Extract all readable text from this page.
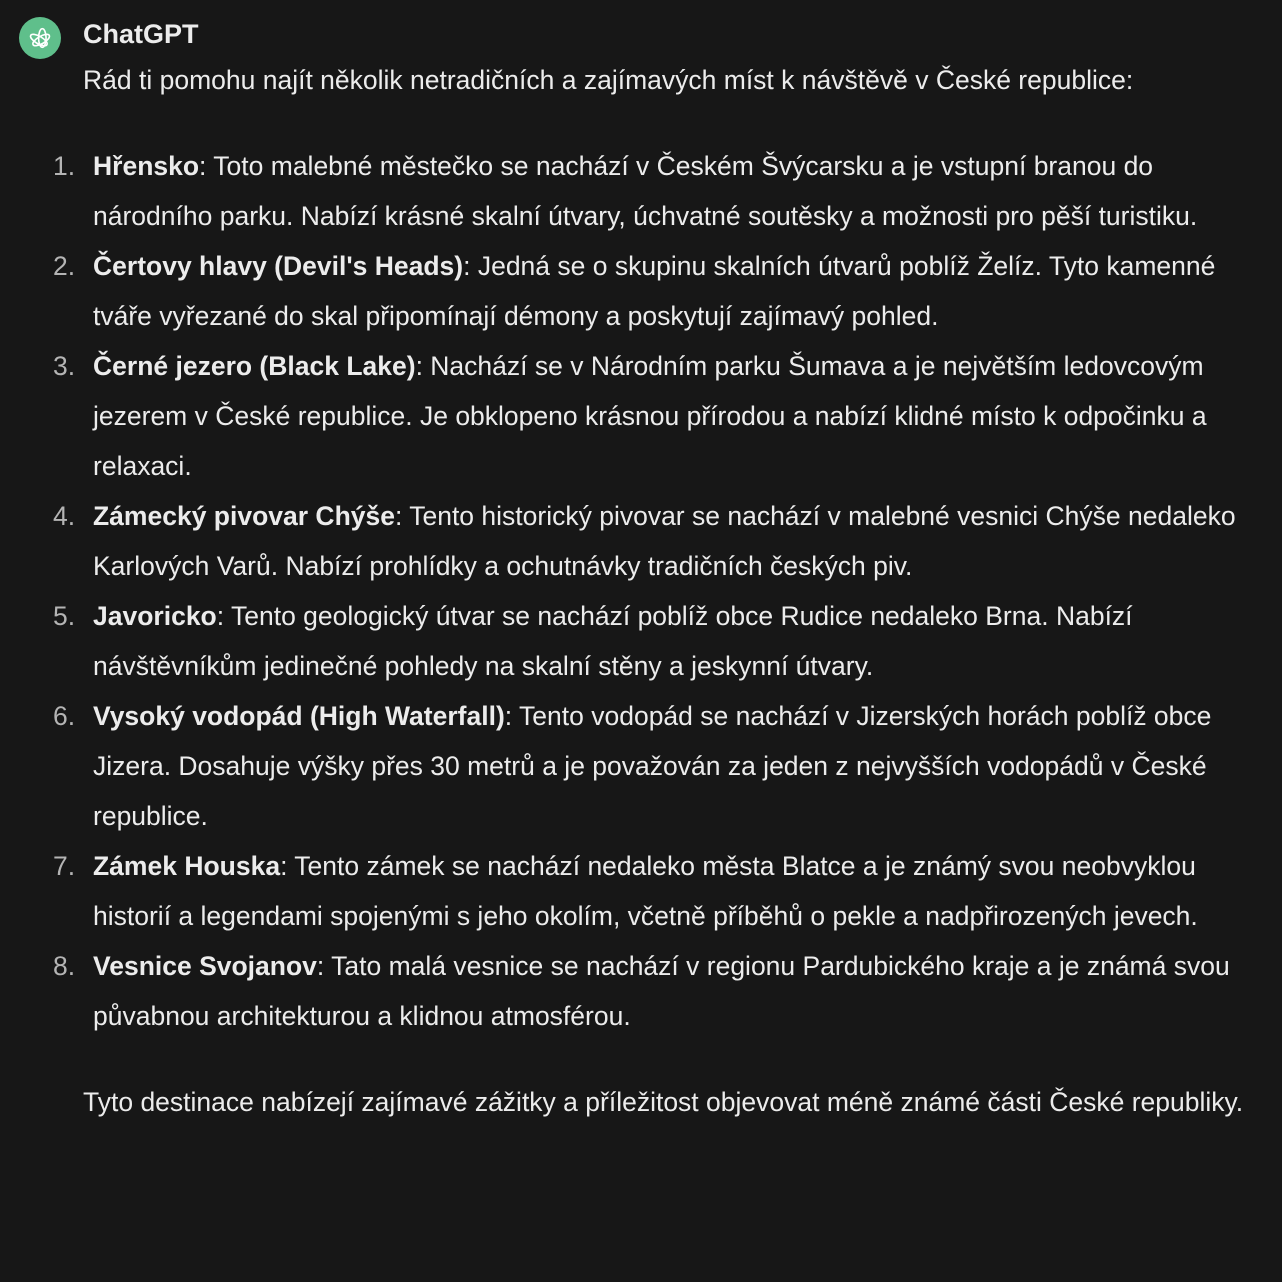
ChatGPT

Rád ti pomohu najít několik netradičních a zajímavých míst k návštěvě v České republice:

1. Hřensko: Toto malebné městečko se nachází v Českém Švýcarsku a je vstupní branou do národního parku. Nabízí krásné skalní útvary, úchvatné soutěsky a možnosti pro pěší turistiku.
2. Čertovy hlavy (Devil's Heads): Jedná se o skupinu skalních útvarů poblíž Želíz. Tyto kamenné tváře vyřezané do skal připomínají démony a poskytují zajímavý pohled.
3. Černé jezero (Black Lake): Nachází se v Národním parku Šumava a je největším ledovcovým jezerem v České republice. Je obklopeno krásnou přírodou a nabízí klidné místo k odpočinku a relaxaci.
4. Zámecký pivovar Chýše: Tento historický pivovar se nachází v malebné vesnici Chýše nedaleko Karlových Varů. Nabízí prohlídky a ochutnávky tradičních českých piv.
5. Javoricko: Tento geologický útvar se nachází poblíž obce Rudice nedaleko Brna. Nabízí návštěvníkům jedinečné pohledy na skalní stěny a jeskynní útvary.
6. Vysoký vodopád (High Waterfall): Tento vodopád se nachází v Jizerských horách poblíž obce Jizera. Dosahuje výšky přes 30 metrů a je považován za jeden z nejvyšších vodopádů v České republice.
7. Zámek Houska: Tento zámek se nachází nedaleko města Blatce a je známý svou neobvyklou historií a legendami spojenými s jeho okolím, včetně příběhů o pekle a nadpřirozených jevech.
8. Vesnice Svojanov: Tato malá vesnice se nachází v regionu Pardubického kraje a je známá svou půvabnou architekturou a klidnou atmosférou.

Tyto destinace nabízejí zajímavé zážitky a příležitost objevovat méně známé části České republiky.
